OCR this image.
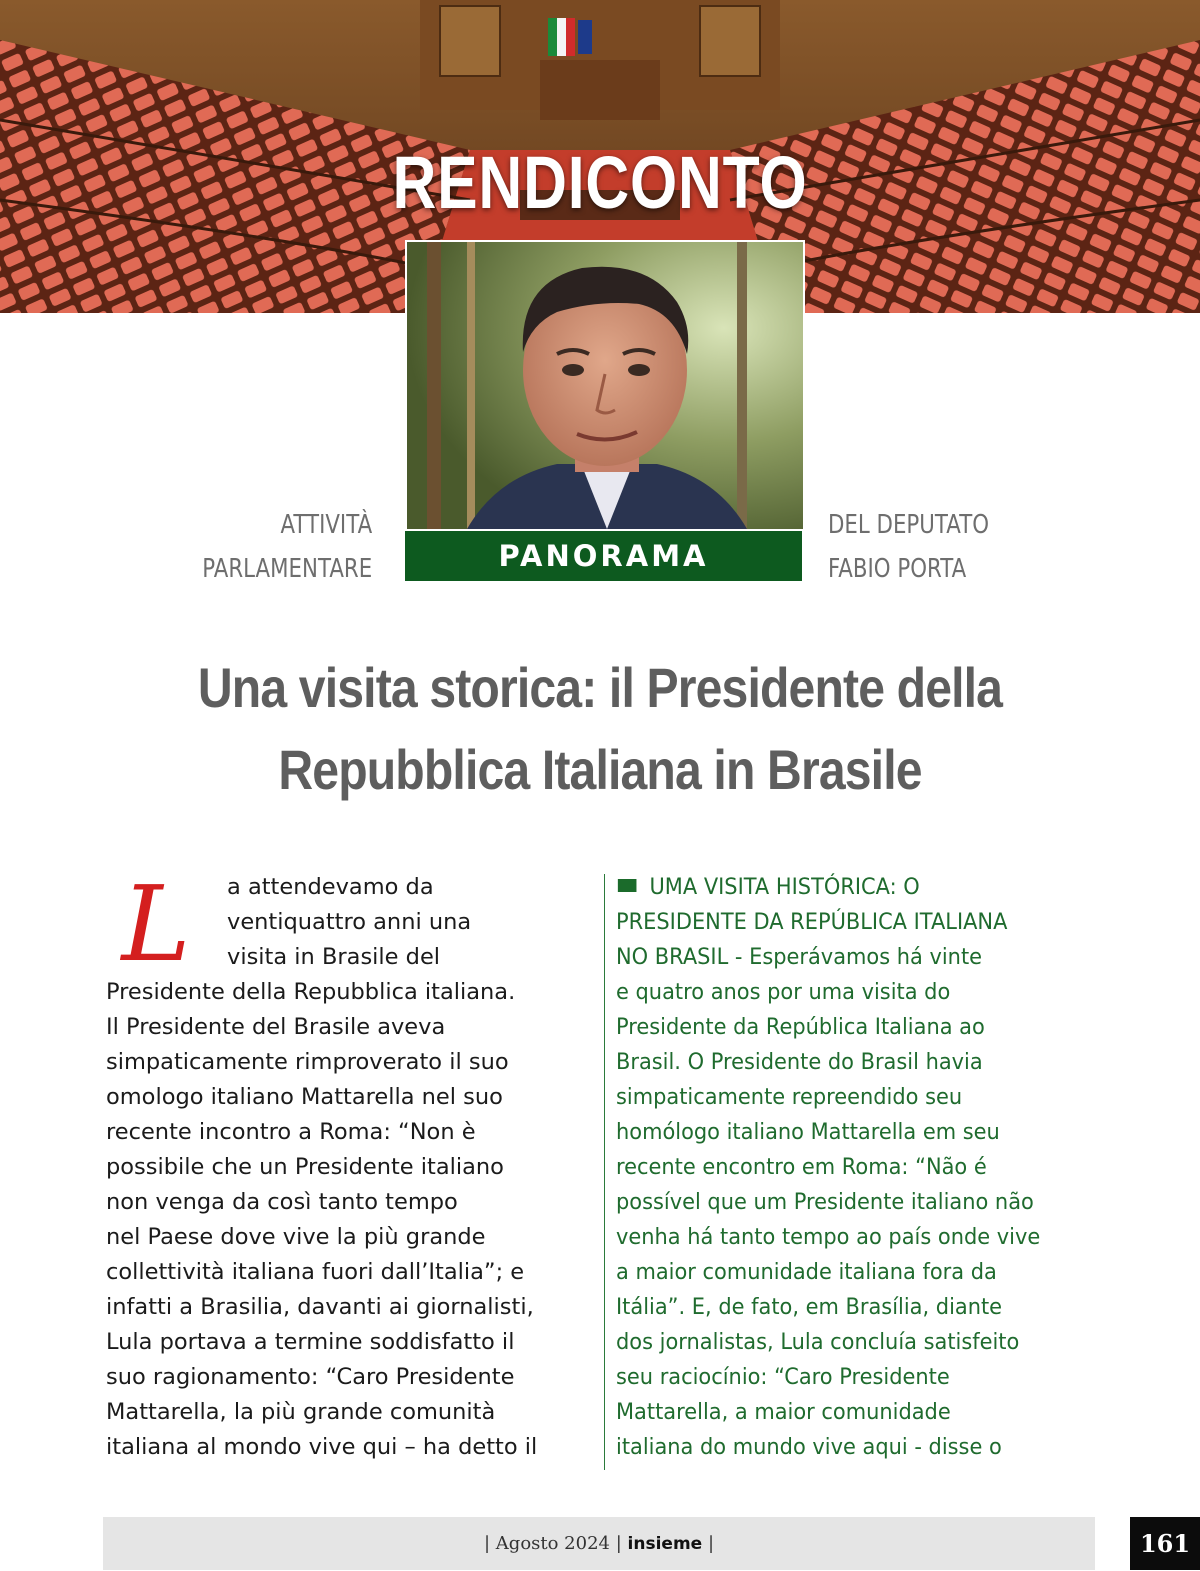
RENDICONTO
ATTIVITÀ
PARLAMENTARE	PANORAMA
DEL DEPUTATO
FABIO PORTA
Una visita storica: il Presidente della
Repubblica Italiana in Brasile
L	a attendevamo da
ventiquattro anni una
visita in Brasile del
Presidente della Repubblica italiana.
Il Presidente del Brasile aveva
simpaticamente rimproverato il suo
omologo italiano Mattarella nel suo
recente incontro a Roma: “Non è
possibile che un Presidente italiano
non venga da così tanto tempo
nel Paese dove vive la più grande
collettività italiana fuori dall’Italia”; e
infatti a Brasilia, davanti ai giornalisti,
Lula portava a termine soddisfatto il
suo ragionamento: “Caro Presidente
Mattarella, la più grande comunità
italiana al mondo vive qui – ha detto il
UMA VISITA HISTÓRICA: O
PRESIDENTE DA REPÚBLICA ITALIANA
NO BRASIL - Esperávamos há vinte
e quatro anos por uma visita do
Presidente da República Italiana ao
Brasil. O Presidente do Brasil havia
simpaticamente repreendido seu
homólogo italiano Mattarella em seu
recente encontro em Roma: “Não é
possível que um Presidente italiano não
venha há tanto tempo ao país onde vive
a maior comunidade italiana fora da
Itália”. E, de fato, em Brasília, diante
dos jornalistas, Lula concluía satisfeito
seu raciocínio: “Caro Presidente
Mattarella, a maior comunidade
italiana do mundo vive aqui - disse o
| Agosto 2024 | insieme |	161
